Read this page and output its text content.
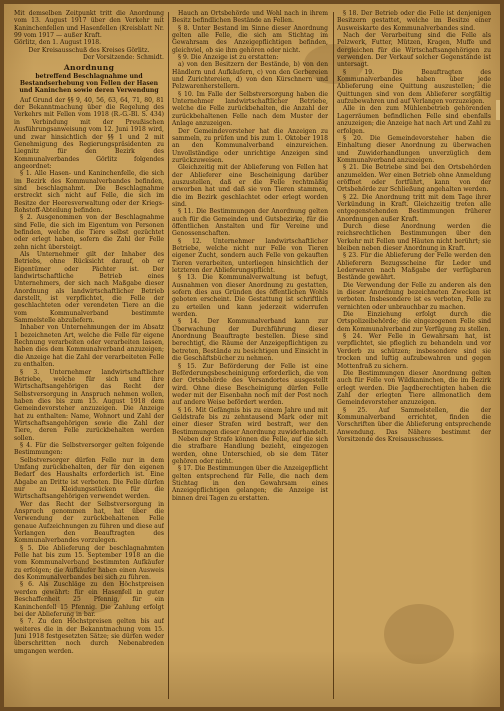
Mit demselben Zeitpunkt tritt die Anordnung vom 13. August 1917 über den Verkehr mit Kaninchenfellen und Hasenfellen (Kreisblatt Nr. 99 vom 1917 — außer Kraft.

Görlitz, den 1. August 1918.

Der Kreisausschuß des Kreises Görlitz.

Der Vorsitzende: Schmidt.

Anordnung

betreffend Beschlagnahme und Bestandserhebung von Fellen der Hasen und Kaninchen sowie deren Verwendung

Auf Grund der §§ 9, 40, 56, 63, 64, 71, 80, 81 der Bekanntmachung über die Regelung des Verkehrs mit Fellen vom 1918 (R.-G.-Bl. S. 434) in Verbindung mit der Preußischen Ausführungsanweisung vom 12. Juni 1918 wird, und zwar hinsichtlich der §§ 1 und 2 mit Genehmigung des Regierungspräsidenten zu Liegnitz für den Bezirk des Kommunalverbandes Görlitz folgendes angeordnet:

§ 1. Alle Hasen- und Kaninchenfelle, die sich im Bezirk des Kommunalverbandes befinden, sind beschlagnahmt. Die Beschlagnahme erstreckt sich nicht auf Felle, die sich im Besitze der Heeresverwaltung oder der Kriegs-Rohstoff-Abteilung befinden.

§ 2. Ausgenommen von der Beschlagnahme sind Felle, die sich im Eigentum von Personen befinden, welche die Tiere selbst gezüchtet oder erlegt haben, sofern die Zahl der Felle zehn nicht übersteigt.

Als Unternehmer gilt der Inhaber des Betriebs, ohne Rücksicht darauf, ob er Eigentümer oder Pächter ist. Der landwirtschaftliche Betrieb eines Unternehmers, der sich nach Maßgabe dieser Anordnung als landwirtschaftlicher Betrieb darstellt, ist verpflichtet, die Felle der geschlachteten oder verendeten Tiere an die vom Kommunalverband bestimmte Sammelstelle abzuliefern.

Inhaber von Unternehmungen der im Absatz 1 bezeichneten Art, welche die Felle für eigene Rechnung verarbeiten oder verarbeiten lassen, haben dies dem Kommunalverband anzuzeigen; die Anzeige hat die Zahl der verarbeiteten Felle zu enthalten.

§ 3. Unternehmer landwirtschaftlicher Betriebe, welche für sich und ihre Wirtschaftsangehörigen das Recht der Selbstversorgung in Anspruch nehmen wollen, haben dies bis zum 15. August 1918 dem Gemeindevorsteher anzuzeigen. Die Anzeige hat zu enthalten: Name, Wohnort und Zahl der Wirtschaftsangehörigen sowie die Zahl der Tiere, deren Felle zurückbehalten werden sollen.

§ 4. Für die Selbstversorger gelten folgende Bestimmungen:

Selbstversorger dürfen Felle nur in dem Umfang zurückbehalten, der für den eigenen Bedarf des Haushalts erforderlich ist. Eine Abgabe an Dritte ist verboten. Die Felle dürfen nur zu Kleidungsstücken für die Wirtschaftsangehörigen verwendet werden.

Wer das Recht der Selbstversorgung in Anspruch genommen hat, hat über die Verwendung der zurückbehaltenen Felle genaue Aufzeichnungen zu führen und diese auf Verlangen den Beauftragten des Kommunalverbandes vorzulegen.

§ 5. Die Ablieferung der beschlagnahmten Felle hat bis zum 15. September 1918 an die vom Kommunalverband bestimmten Aufkäufer zu erfolgen; die Aufkäufer haben einen Ausweis des Kommunalverbandes bei sich zu führen.

§ 6. Als Zuschläge zu den Höchstpreisen werden gewährt: für ein Hasenfell in guter Beschaffenheit 25 Pfennig, für ein Kaninchenfell 15 Pfennig. Die Zahlung erfolgt bei der Ablieferung in bar.

§ 7. Zu den Höchstpreisen gelten bis auf weiteres die in der Bekanntmachung vom 15. Juni 1918 festgesetzten Sätze; sie dürfen weder überschritten noch durch Nebenabreden umgangen werden.

Hauch an Ortsbehörde und Wohl nach in ihrem Besitz befindlichen Bestände an Fellen.

§ 8. Unter Bestand im Sinne dieser Anordnung gelten alle Felle, die sich am Stichtag im Gewahrsam des Anzeigepflichtigen befinden, gleichviel, ob sie ihm gehören oder nicht.

§ 9. Die Anzeige ist zu erstatten:

a) von den Besitzern der Bestände, b) von den Händlern und Aufkäufern, c) von den Gerbereien und Zurichtereien, d) von den Kürschnern und Pelzwarenherstellern.

§ 10. Im Falle der Selbstversorgung haben die Unternehmer landwirtschaftlicher Betriebe, welche die Felle zurückbehalten, die Anzahl der zurückbehaltenen Felle nach dem Muster der Anlage anzuzeigen.

Der Gemeindevorsteher hat die Anzeigen zu sammeln, zu prüfen und bis zum 1. Oktober 1918 an den Kommunalverband einzureichen. Unvollständige oder unrichtige Anzeigen sind zurückzuweisen.

Gleichzeitig mit der Ablieferung von Fellen hat der Ablieferer eine Bescheinigung darüber auszustellen, daß er die Felle rechtmäßig erworben hat und daß sie von Tieren stammen, die im Bezirk geschlachtet oder erlegt worden sind.

§ 11. Die Bestimmungen der Anordnung gelten auch für die Gemeinden und Gutsbezirke, für die öffentlichen Anstalten und für Vereine und Genossenschaften.

§ 12. Unternehmer landwirtschaftlicher Betriebe, welche nicht nur Felle von Tieren eigener Zucht, sondern auch Felle von gekauften Tieren verarbeiten, unterliegen hinsichtlich der letzteren der Ablieferungspflicht.

§ 13. Die Kommunalverwaltung ist befugt, Ausnahmen von dieser Anordnung zu gestatten, sofern dies aus Gründen des öffentlichen Wohls geboten erscheint. Die Gestattung ist schriftlich zu erteilen und kann jederzeit widerrufen werden.

§ 14. Der Kommunalverband kann zur Überwachung der Durchführung dieser Anordnung Beauftragte bestellen. Diese sind berechtigt, die Räume der Anzeigepflichtigen zu betreten, Bestände zu besichtigen und Einsicht in die Geschäftsbücher zu nehmen.

§ 15. Zur Beförderung der Felle ist eine Beförderungsbescheinigung erforderlich, die von der Ortsbehörde des Versandortes ausgestellt wird. Ohne diese Bescheinigung dürfen Felle weder mit der Eisenbahn noch mit der Post noch auf andere Weise befördert werden.

§ 16. Mit Gefängnis bis zu einem Jahre und mit Geldstrafe bis zu zehntausend Mark oder mit einer dieser Strafen wird bestraft, wer den Bestimmungen dieser Anordnung zuwiderhandelt.

Neben der Strafe können die Felle, auf die sich die strafbare Handlung bezieht, eingezogen werden, ohne Unterschied, ob sie dem Täter gehören oder nicht.

§ 17. Die Bestimmungen über die Anzeigepflicht gelten entsprechend für Felle, die nach dem Stichtag in den Gewahrsam eines Anzeigepflichtigen gelangen; die Anzeige ist binnen drei Tagen zu erstatten.

§ 18. Der Betrieb oder die Felle ist denjenigen Besitzern gestattet, welche im Besitze einer Ausweiskarte des Kommunalverbandes sind.

Nach der Verarbeitung sind die Felle als Pelzwerk, Futter, Mützen, Kragen, Muffe und dergleichen für die Wirtschaftsangehörigen zu verwenden. Der Verkauf solcher Gegenstände ist untersagt.

§ 19. Die Beauftragten des Kommunalverbandes haben über jede Ablieferung eine Quittung auszustellen; die Quittungen sind von dem Ablieferer sorgfältig aufzubewahren und auf Verlangen vorzuzeigen.

Alle in den zum Mühlenbetrieb gehörenden Lagerräumen befindlichen Felle sind ebenfalls anzuzeigen; die Anzeige hat nach Art und Zahl zu erfolgen.

§ 20. Die Gemeindevorsteher haben die Einhaltung dieser Anordnung zu überwachen und Zuwiderhandlungen unverzüglich dem Kommunalverband anzuzeigen.

§ 21. Die Betriebe sind bei den Ortsbehörden anzumelden. Wer einen Betrieb ohne Anmeldung eröffnet oder fortführt, kann von der Ortsbehörde zur Schließung angehalten werden.

§ 22. Die Anordnung tritt mit dem Tage ihrer Verkündung in Kraft. Gleichzeitig treten alle entgegenstehenden Bestimmungen früherer Anordnungen außer Kraft.

Durch diese Anordnung werden die reichsrechtlichen Bestimmungen über den Verkehr mit Fellen und Häuten nicht berührt; sie bleiben neben dieser Anordnung in Kraft.

§ 23. Für die Ablieferung der Felle werden den Ablieferern Bezugsscheine für Leder und Lederwaren nach Maßgabe der verfügbaren Bestände gewährt.

Die Verwendung der Felle zu anderen als den in dieser Anordnung bezeichneten Zwecken ist verboten. Insbesondere ist es verboten, Felle zu vernichten oder unbrauchbar zu machen.

Die Einziehung erfolgt durch die Ortspolizeibehörde; die eingezogenen Felle sind dem Kommunalverband zur Verfügung zu stellen.

§ 24. Wer Felle in Gewahrsam hat, ist verpflichtet, sie pfleglich zu behandeln und vor Verderb zu schützen; insbesondere sind sie trocken und luftig aufzubewahren und gegen Mottenfraß zu sichern.

Die Bestimmungen dieser Anordnung gelten auch für Felle von Wildkaninchen, die im Bezirk erlegt werden. Die Jagdberechtigten haben die Zahl der erlegten Tiere allmonatlich dem Gemeindevorsteher anzuzeigen.

§ 25. Auf Sammelstellen, die der Kommunalverband errichtet, finden die Vorschriften über die Ablieferung entsprechende Anwendung. Das Nähere bestimmt der Vorsitzende des Kreisausschusses.
